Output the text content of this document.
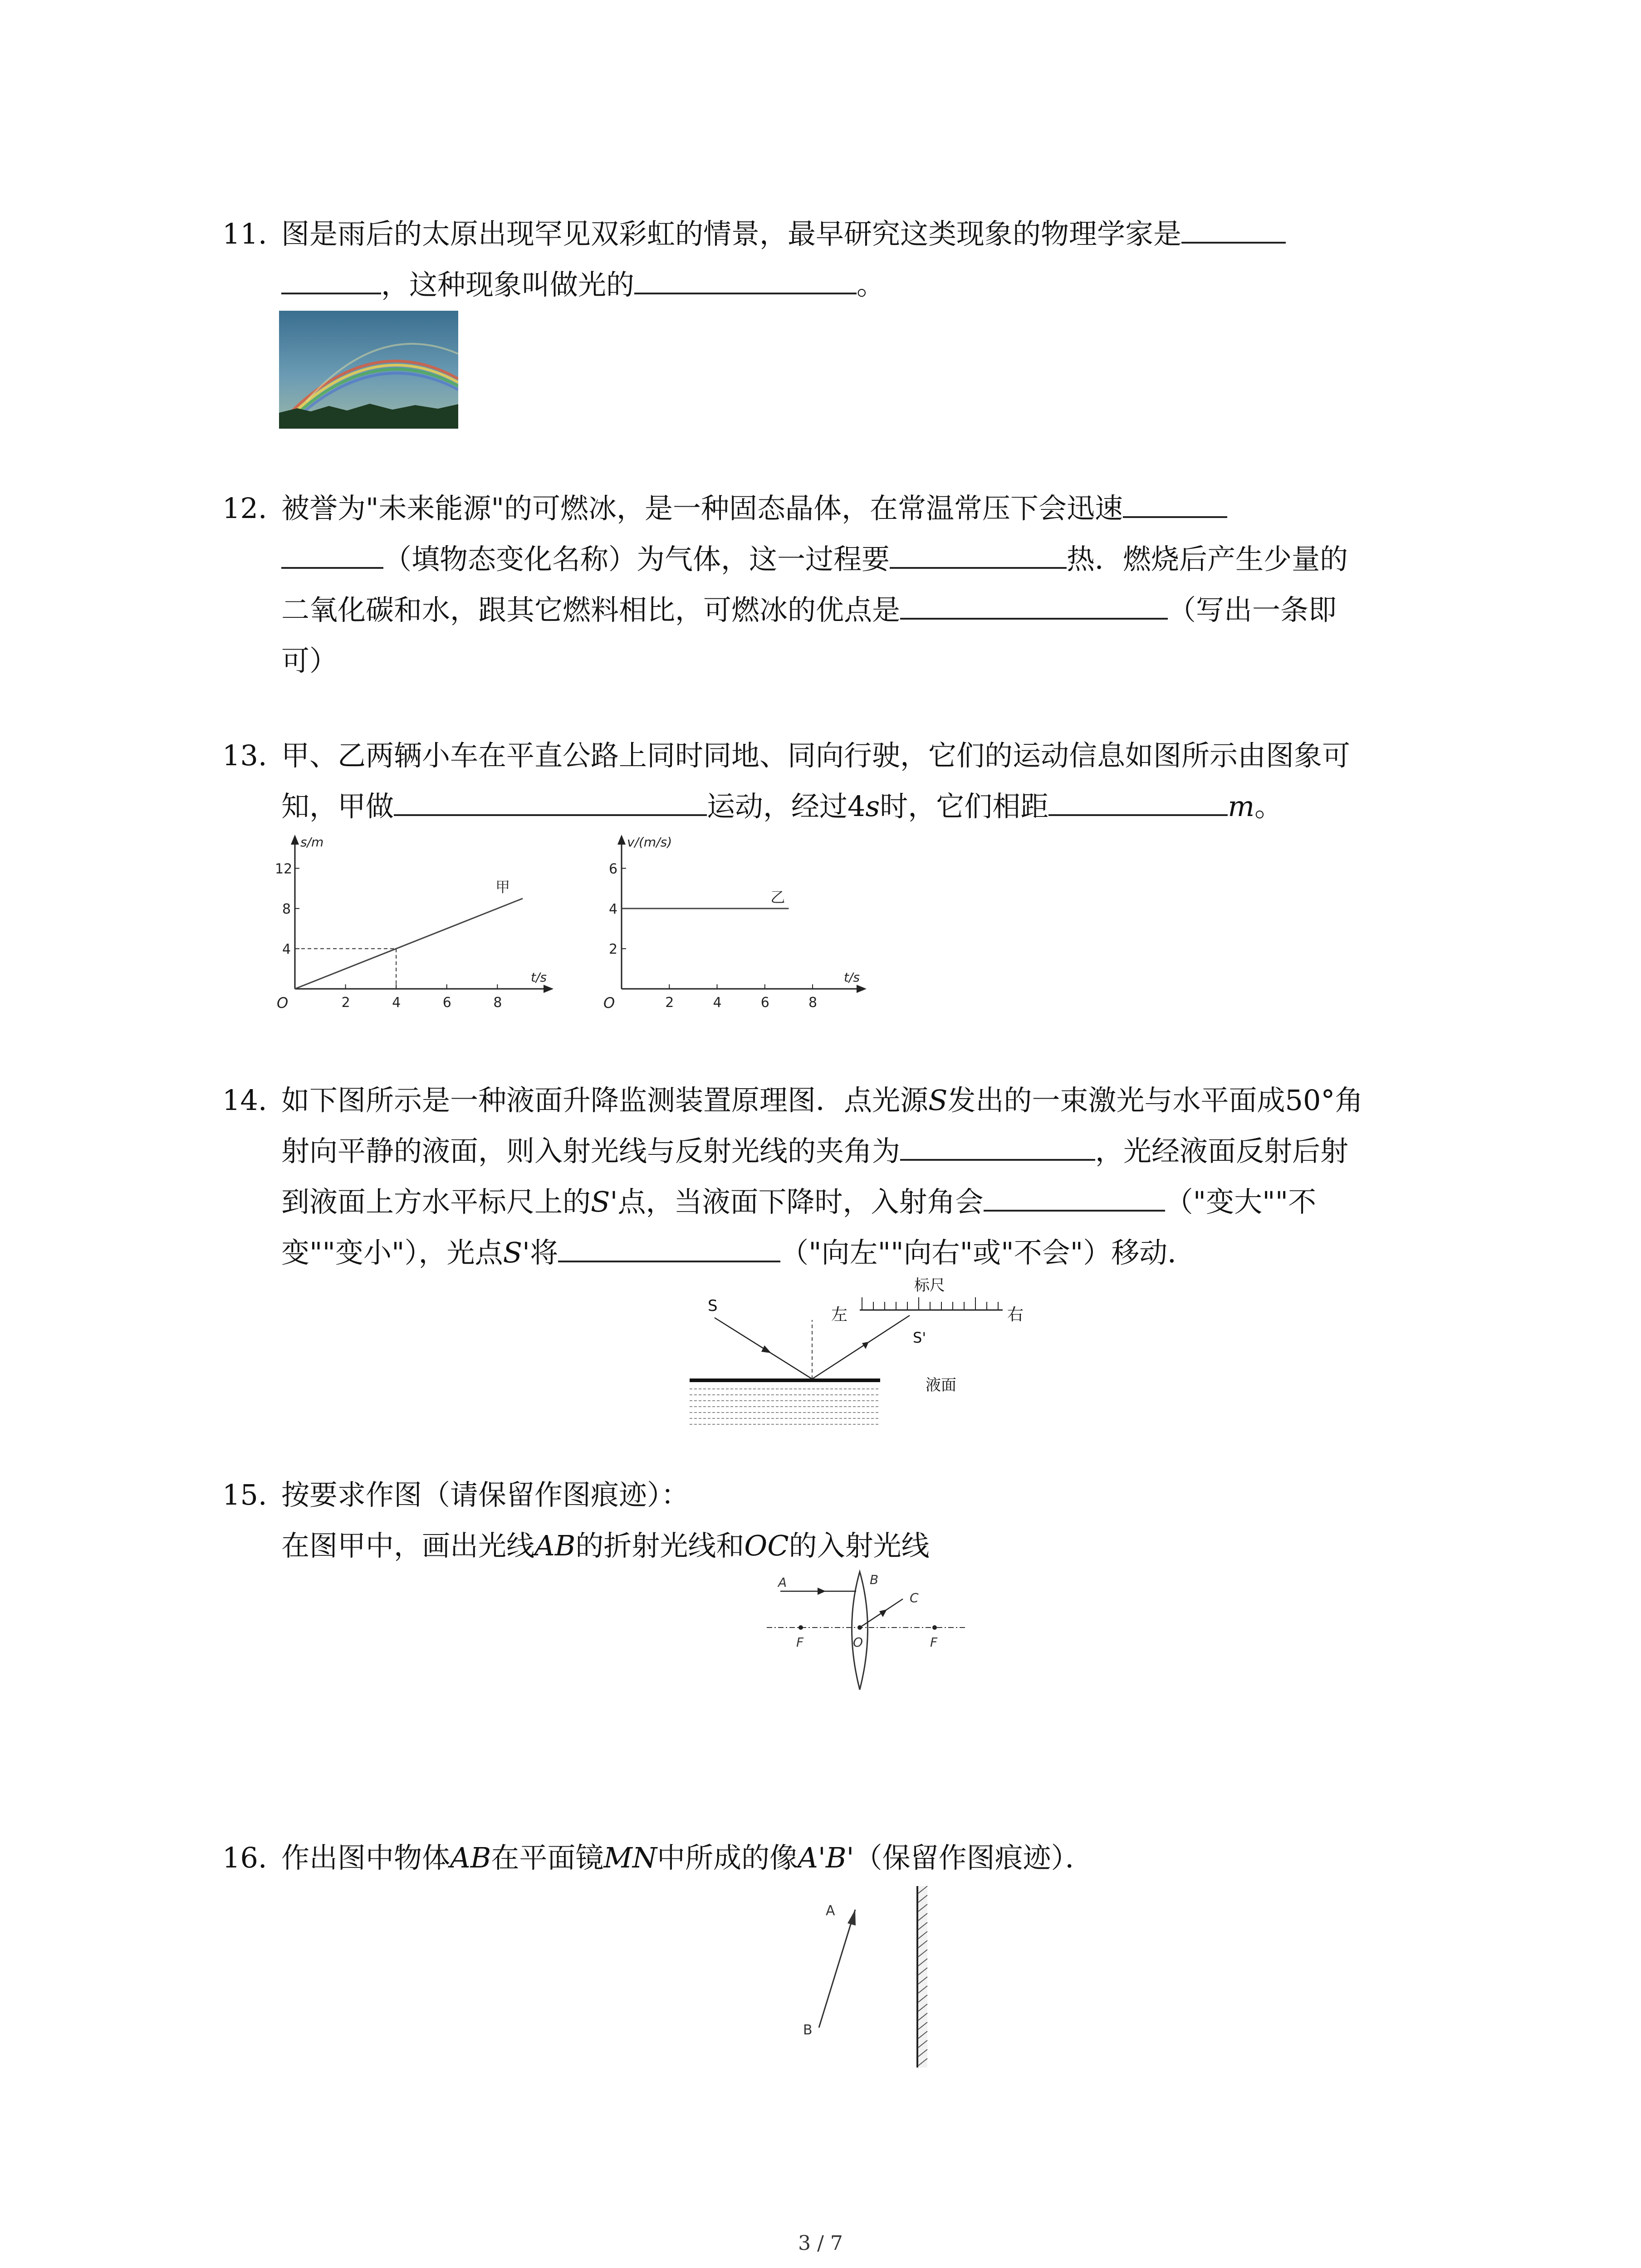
11. 图是雨后的太原出现罕见双彩虹的情景，最早研究这类现象的物理学家是
，这种现象叫做光的	。
12. 被誉为"未来能源"的可燃冰，是一种固态晶体，在常温常压下会迅速
（填物态变化名称）为气体，这一过程要	热．燃烧后产生少量的
二氧化碳和水，跟其它燃料相比，可燃冰的优点是	（写出一条即
可）
13. 甲、乙两辆小车在平直公路上同时同地、同向行驶，它们的运动信息如图所示由图象可
知，甲做	运动，经过4s时，它们相距	m。
O
s/m
t/s
2	4	6	8
4
8
12
甲
O
v/(m/s)
t/s
2	4	6	8
2
4
6
乙
14. 如下图所示是一种液面升降监测装置原理图．点光源S发出的一束激光与水平面成50°角
射向平静的液面，则入射光线与反射光线的夹角为	，光经液面反射后射
到液面上方水平标尺上的S'点，当液面下降时，入射角会	（"变大""不
变""变小"），光点S'将	（"向左""向右"或"不会"）移动．
S	左	右
标尺
S'
液面
15. 按要求作图（请保留作图痕迹）：
在图甲中，画出光线AB的折射光线和OC的入射光线
A	B
C
F	O	F
16. 作出图中物体AB在平面镜MN中所成的像A'B'（保留作图痕迹）．
A
B
3 / 7
